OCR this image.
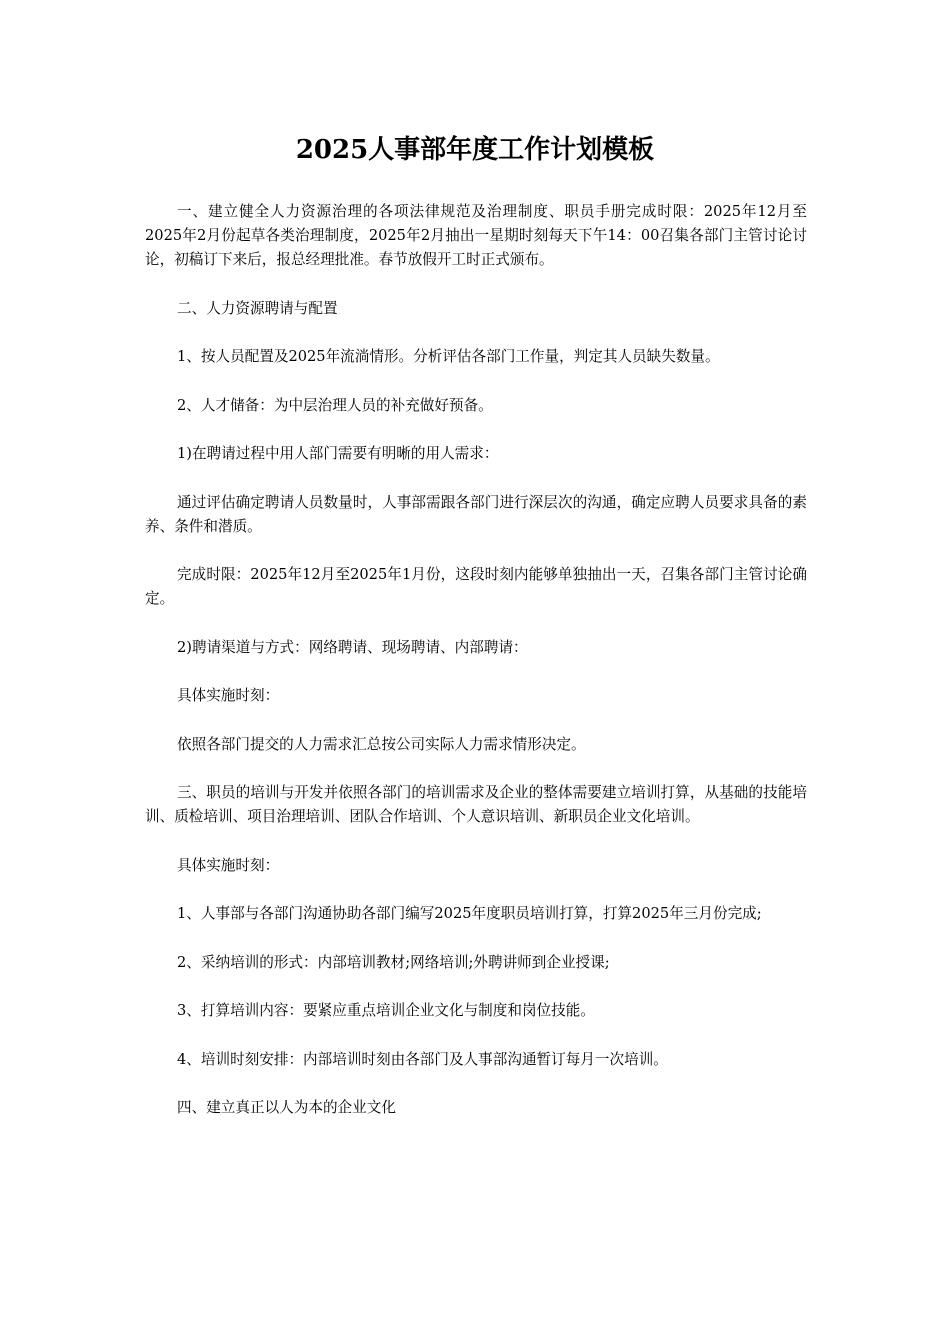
2025人事部年度工作计划模板

一、建立健全人力资源治理的各项法律规范及治理制度、职员手册完成时限：2025年12月至2025年2月份起草各类治理制度，2025年2月抽出一星期时刻每天下午14：00召集各部门主管讨论讨论，初稿订下来后，报总经理批准。春节放假开工时正式颁布。

二、人力资源聘请与配置

1、按人员配置及2025年流淌情形。分析评估各部门工作量，判定其人员缺失数量。

2、人才储备：为中层治理人员的补充做好预备。

1)在聘请过程中用人部门需要有明晰的用人需求：

通过评估确定聘请人员数量时，人事部需跟各部门进行深层次的沟通，确定应聘人员要求具备的素养、条件和潜质。

完成时限：2025年12月至2025年1月份，这段时刻内能够单独抽出一天，召集各部门主管讨论确定。

2)聘请渠道与方式：网络聘请、现场聘请、内部聘请：

具体实施时刻：

依照各部门提交的人力需求汇总按公司实际人力需求情形决定。

三、职员的培训与开发并依照各部门的培训需求及企业的整体需要建立培训打算，从基础的技能培训、质检培训、项目治理培训、团队合作培训、个人意识培训、新职员企业文化培训。

具体实施时刻：

1、人事部与各部门沟通协助各部门编写2025年度职员培训打算，打算2025年三月份完成;

2、采纳培训的形式：内部培训教材;网络培训;外聘讲师到企业授课;

3、打算培训内容：要紧应重点培训企业文化与制度和岗位技能。

4、培训时刻安排：内部培训时刻由各部门及人事部沟通暂订每月一次培训。

四、建立真正以人为本的企业文化
